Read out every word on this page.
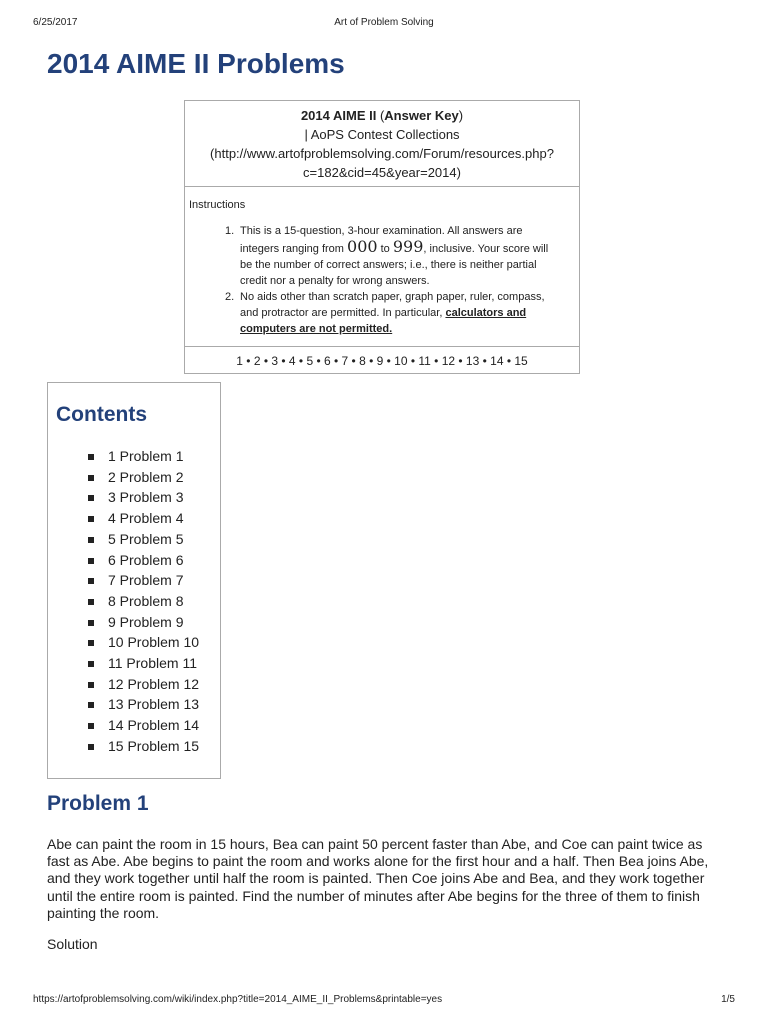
6/25/2017	Art of Problem Solving
2014 AIME II Problems
2014 AIME II (Answer Key)
| AoPS Contest Collections
(http://www.artofproblemsolving.com/Forum/resources.php?
c=182&cid=45&year=2014)
Instructions
1. This is a 15-question, 3-hour examination. All answers are integers ranging from 000 to 999, inclusive. Your score will be the number of correct answers; i.e., there is neither partial credit nor a penalty for wrong answers.
2. No aids other than scratch paper, graph paper, ruler, compass, and protractor are permitted. In particular, calculators and computers are not permitted.
1 • 2 • 3 • 4 • 5 • 6 • 7 • 8 • 9 • 10 • 11 • 12 • 13 • 14 • 15
Contents
1 Problem 1
2 Problem 2
3 Problem 3
4 Problem 4
5 Problem 5
6 Problem 6
7 Problem 7
8 Problem 8
9 Problem 9
10 Problem 10
11 Problem 11
12 Problem 12
13 Problem 13
14 Problem 14
15 Problem 15
Problem 1

Abe can paint the room in 15 hours, Bea can paint 50 percent faster than Abe, and Coe can paint twice as fast as Abe. Abe begins to paint the room and works alone for the first hour and a half. Then Bea joins Abe, and they work together until half the room is painted. Then Coe joins Abe and Bea, and they work together until the entire room is painted. Find the number of minutes after Abe begins for the three of them to finish painting the room.

Solution
https://artofproblemsolving.com/wiki/index.php?title=2014_AIME_II_Problems&printable=yes	1/5
